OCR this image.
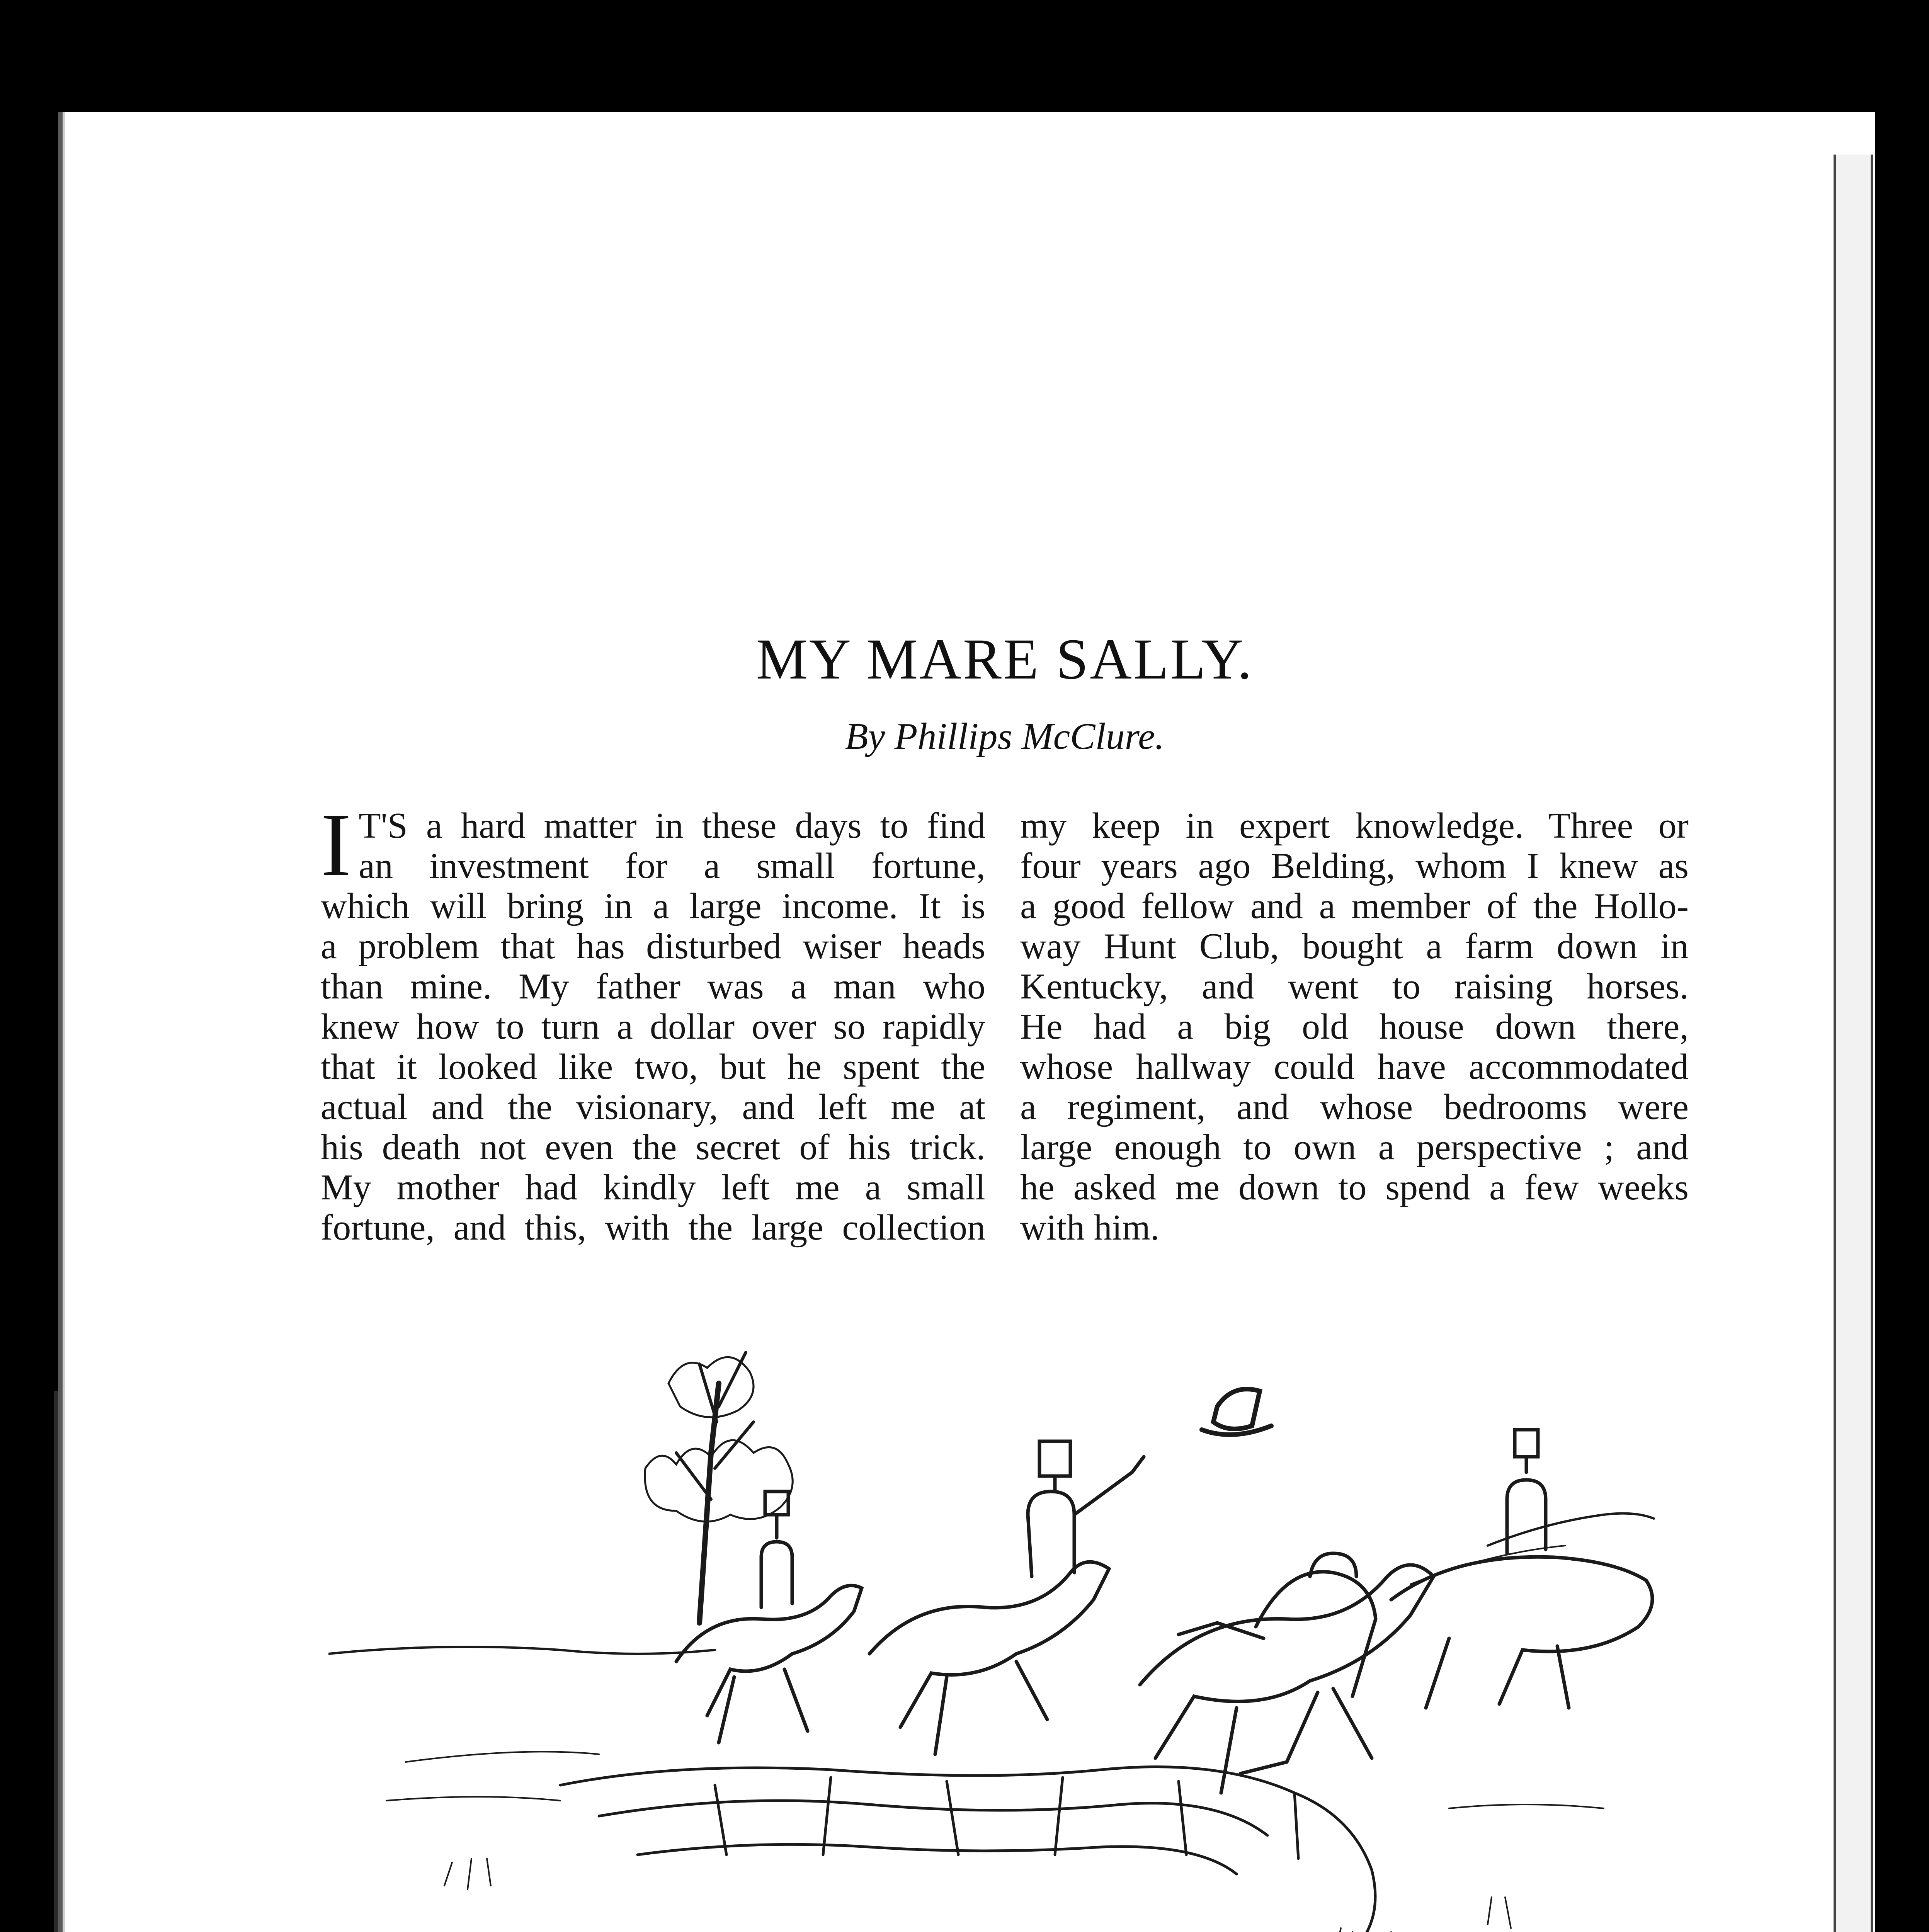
MY MARE SALLY.
By Phillips McClure.
I T'S a hard matter in these days to find
an investment for a small fortune,
which will bring in a large income. It is
a problem that has disturbed wiser heads
than mine. My father was a man who
knew how to turn a dollar over so rapidly
that it looked like two, but he spent the
actual and the visionary, and left me at
his death not even the secret of his trick.
My mother had kindly left me a small
fortune, and this, with the large collection
my keep in expert knowledge. Three or
four years ago Belding, whom I knew as
a good fellow and a member of the Hollo-
way Hunt Club, bought a farm down in
Kentucky, and went to raising horses.
He had a big old house down there,
whose hallway could have accommodated
a regiment, and whose bedrooms were
large enough to own a perspective ; and
he asked me down to spend a few weeks
with him.
